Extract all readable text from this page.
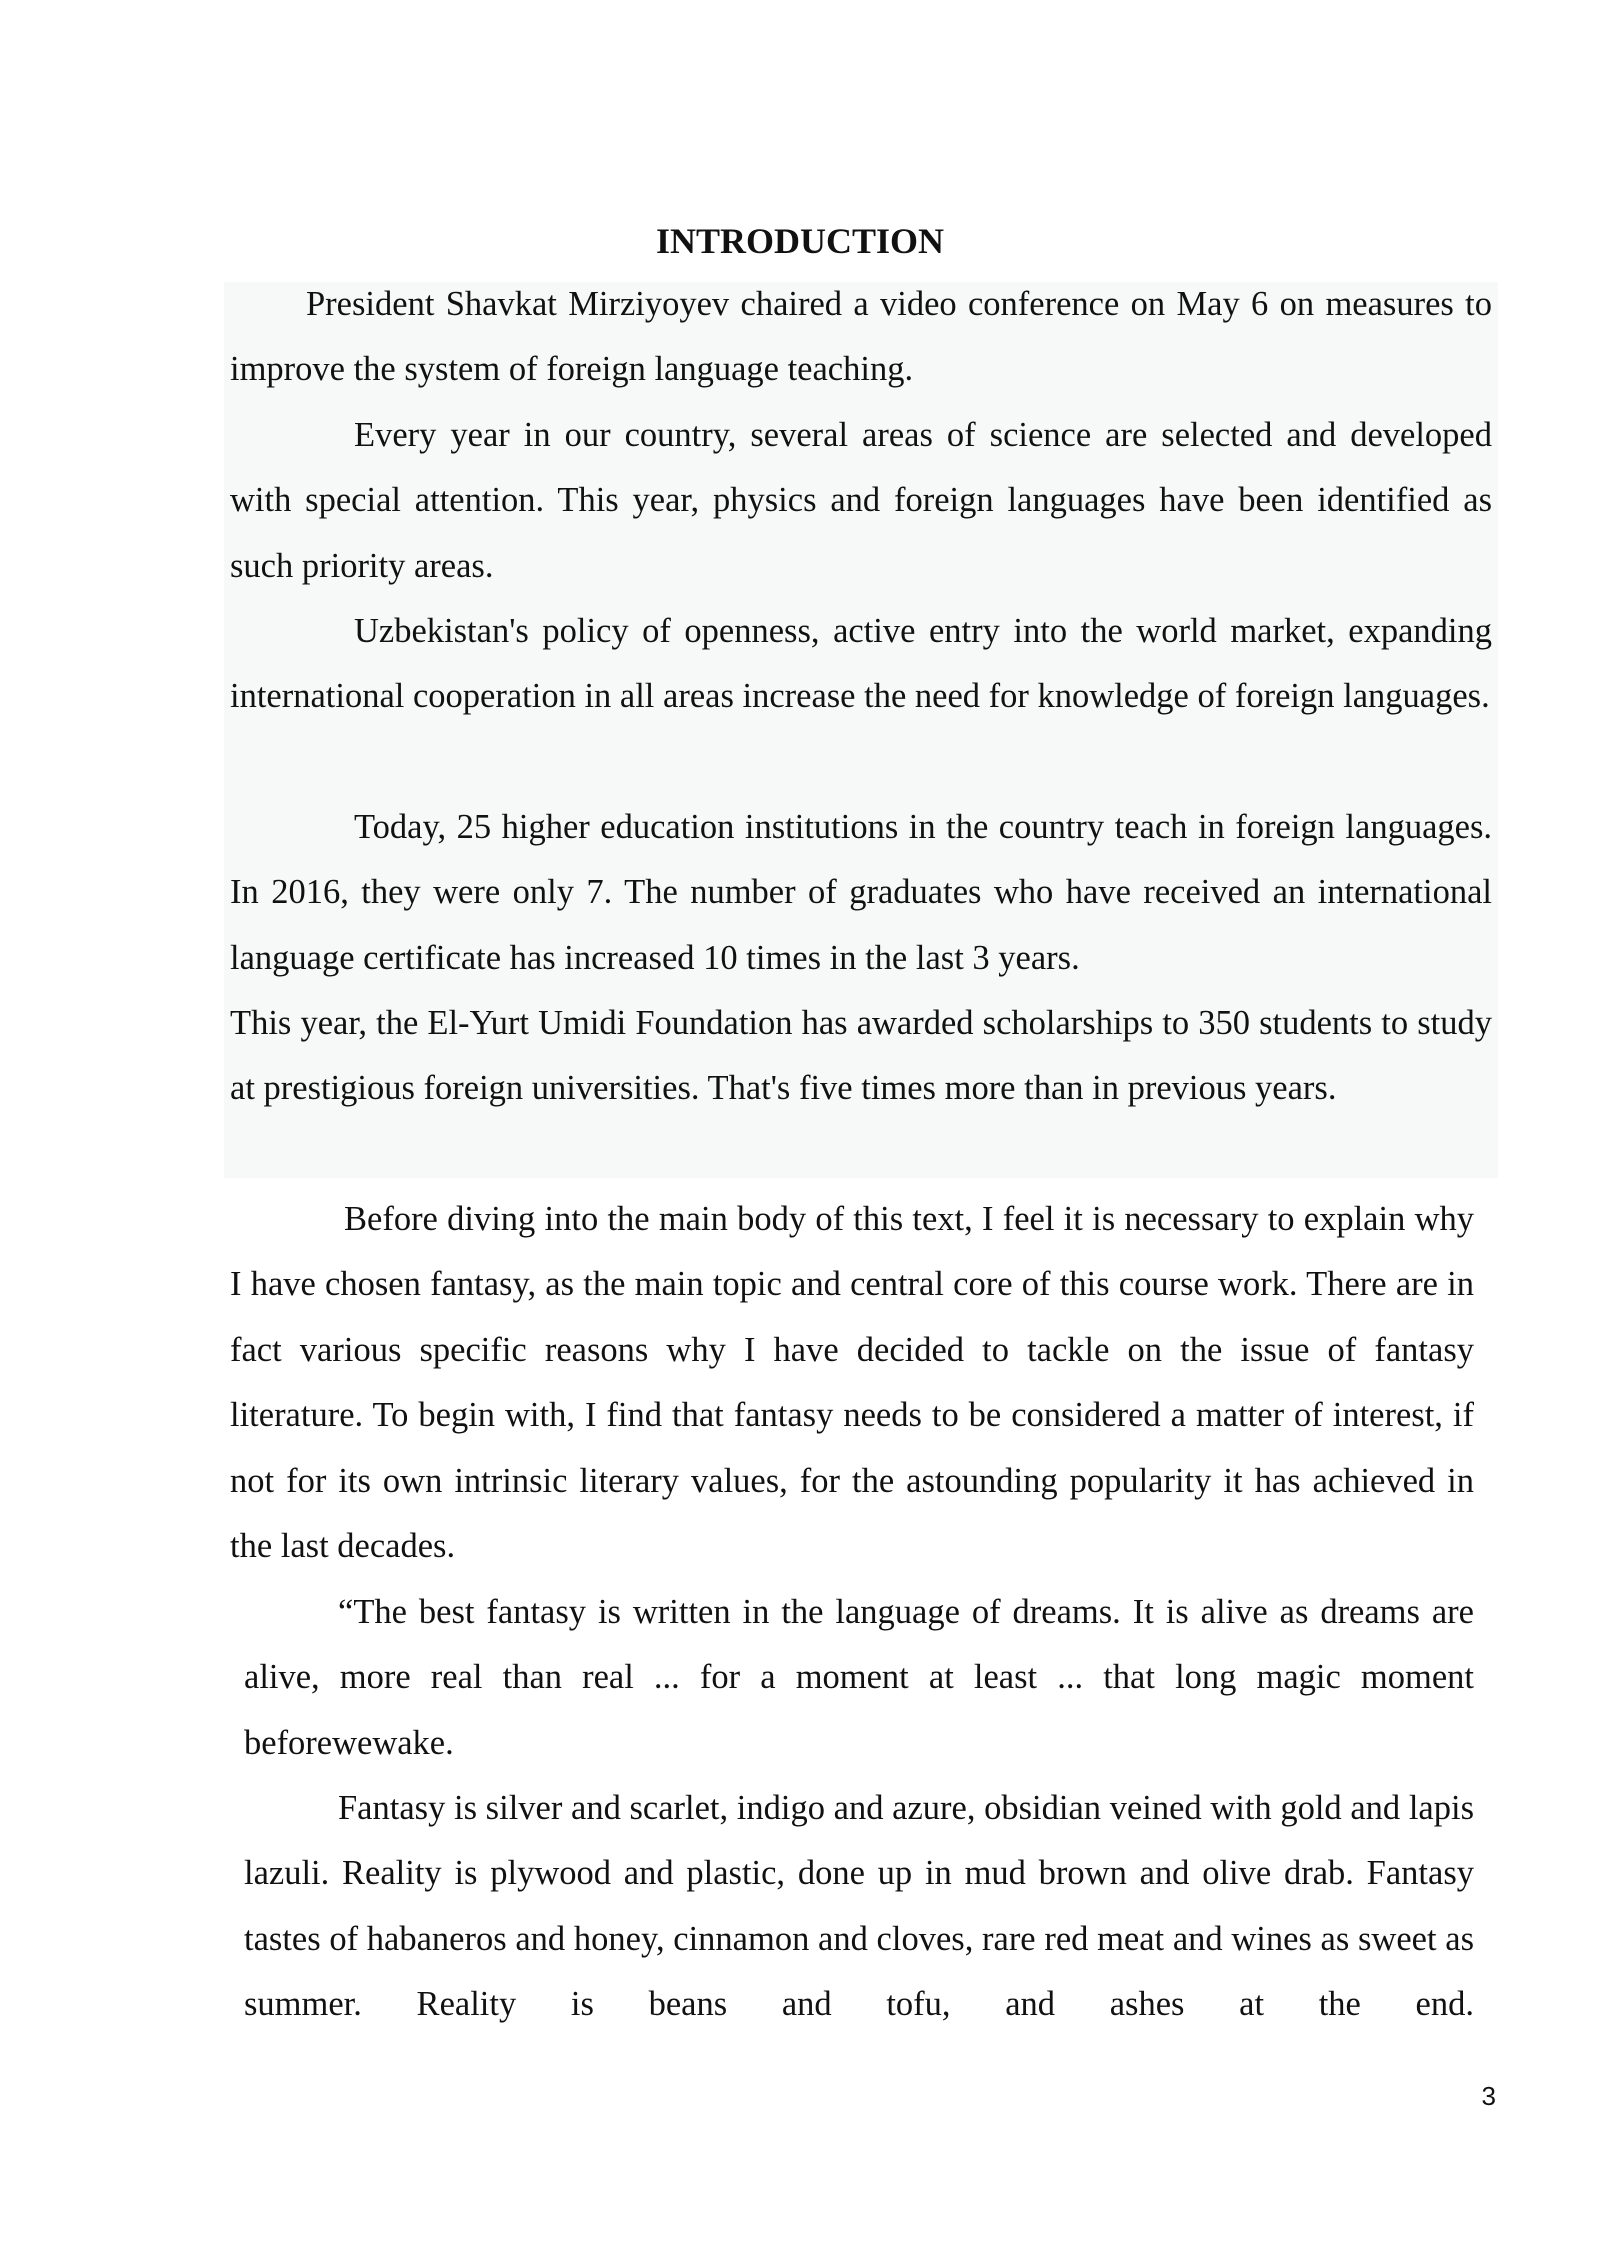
INTRODUCTION

President Shavkat Mirziyoyev chaired a video conference on May 6 on measures to improve the system of foreign language teaching.

Every year in our country, several areas of science are selected and developed with special attention. This year, physics and foreign languages have been identified as such priority areas.

Uzbekistan's policy of openness, active entry into the world market, expanding international cooperation in all areas increase the need for knowledge of foreign languages.

Today, 25 higher education institutions in the country teach in foreign languages. In 2016, they were only 7. The number of graduates who have received an international language certificate has increased 10 times in the last 3 years.

This year, the El-Yurt Umidi Foundation has awarded scholarships to 350 students to study at prestigious foreign universities. That's five times more than in previous years.

Before diving into the main body of this text, I feel it is necessary to explain why I have chosen fantasy, as the main topic and central core of this course work. There are in fact various specific reasons why I have decided to tackle on the issue of fantasy literature. To begin with, I find that fantasy needs to be considered a matter of interest, if not for its own intrinsic literary values, for the astounding popularity it has achieved in the last decades.

“The best fantasy is written in the language of dreams. It is alive as dreams are alive, more real than real ... for a moment at least ... that long magic moment beforewewake.

Fantasy is silver and scarlet, indigo and azure, obsidian veined with gold and lapis lazuli. Reality is plywood and plastic, done up in mud brown and olive drab. Fantasy tastes of habaneros and honey, cinnamon and cloves, rare red meat and wines as sweet as summer. Reality is beans and tofu, and ashes at the end.

3
